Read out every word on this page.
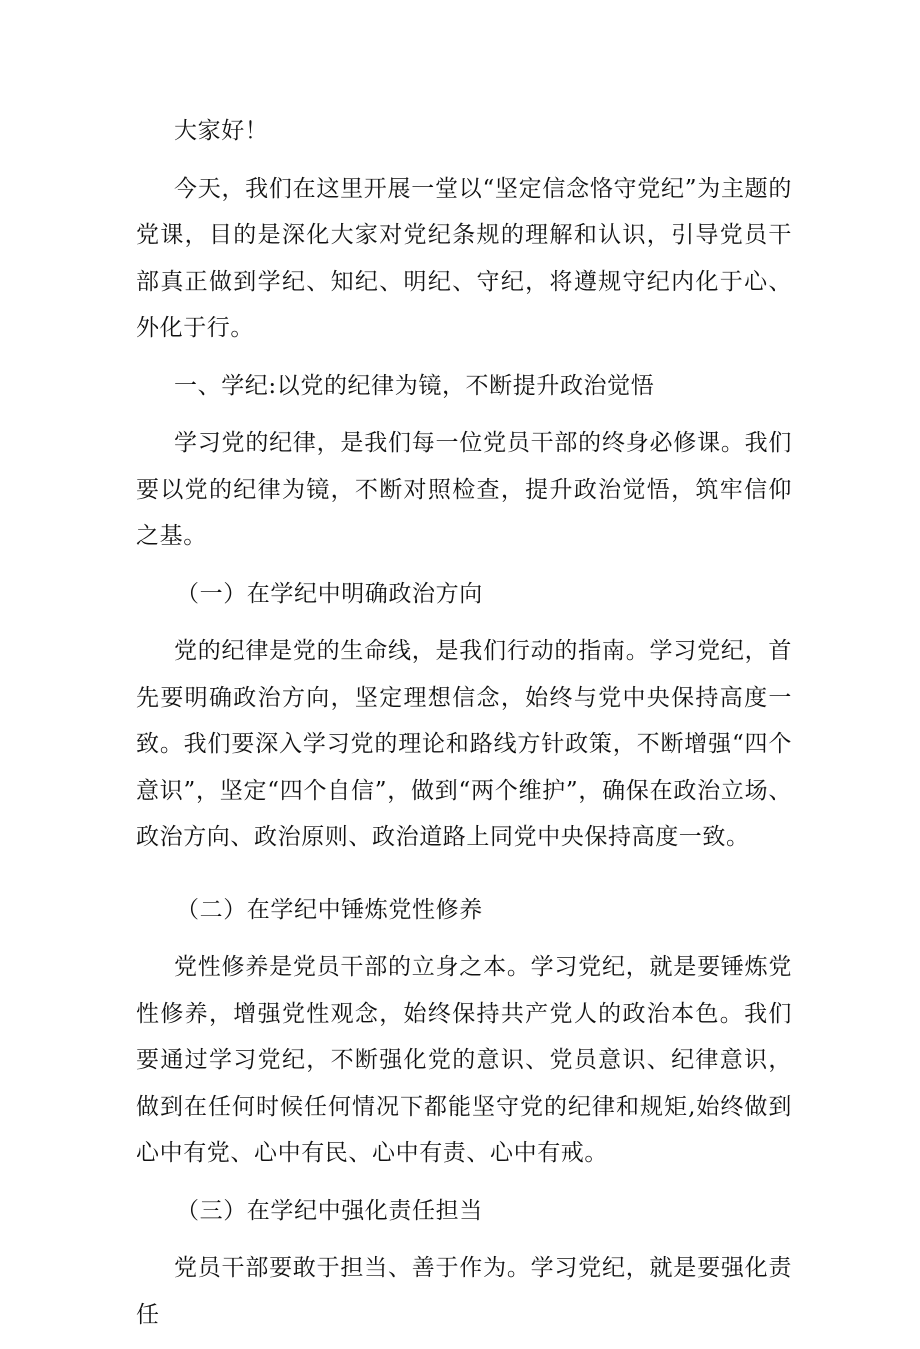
大家好！

今天，我们在这里开展一堂以“坚定信念恪守党纪”为主题的党课，目的是深化大家对党纪条规的理解和认识，引导党员干部真正做到学纪、知纪、明纪、守纪，将遵规守纪内化于心、外化于行。

一、学纪:以党的纪律为镜，不断提升政治觉悟

学习党的纪律，是我们每一位党员干部的终身必修课。我们要以党的纪律为镜，不断对照检查，提升政治觉悟，筑牢信仰之基。

（一）在学纪中明确政治方向

党的纪律是党的生命线，是我们行动的指南。学习党纪，首先要明确政治方向，坚定理想信念，始终与党中央保持高度一致。我们要深入学习党的理论和路线方针政策，不断增强“四个意识”，坚定“四个自信”，做到“两个维护”，确保在政治立场、政治方向、政治原则、政治道路上同党中央保持高度一致。

（二）在学纪中锤炼党性修养

党性修养是党员干部的立身之本。学习党纪，就是要锤炼党性修养，增强党性观念，始终保持共产党人的政治本色。我们要通过学习党纪，不断强化党的意识、党员意识、纪律意识，做到在任何时候任何情况下都能坚守党的纪律和规矩,始终做到心中有党、心中有民、心中有责、心中有戒。

（三）在学纪中强化责任担当

党员干部要敢于担当、善于作为。学习党纪，就是要强化责任
